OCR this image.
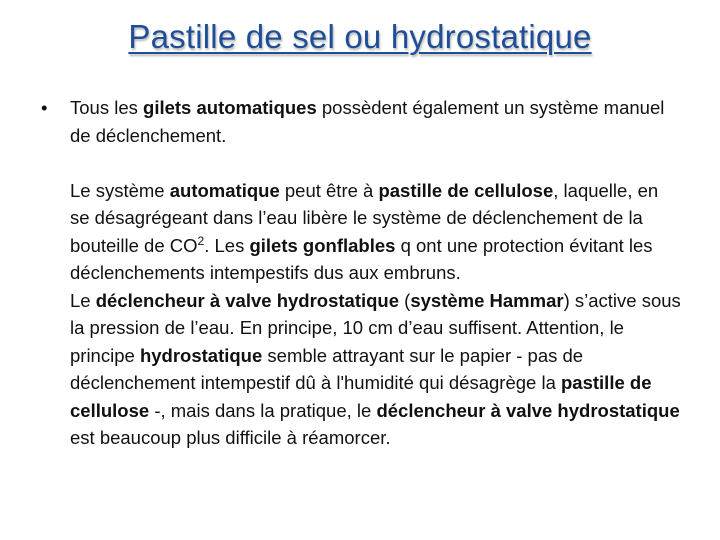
Pastille de sel ou hydrostatique
• Tous les gilets automatiques possèdent également un système manuel de déclenchement.
Le système automatique peut être à pastille de cellulose, laquelle, en se désagrégeant dans l’eau libère le système de déclenchement de la bouteille de $CO^2$. Les gilets gonflables q ont une protection évitant les déclenchements intempestifs dus aux embruns.
Le déclencheur à valve hydrostatique (système Hammar) s’active sous la pression de l’eau. En principe, 10 cm d’eau suffisent. Attention, le principe hydrostatique semble attrayant sur le papier - pas de déclenchement intempestif dû à l'humidité qui désagrège la pastille de cellulose -, mais dans la pratique, le déclencheur à valve hydrostatique est beaucoup plus difficile à réamorcer.
